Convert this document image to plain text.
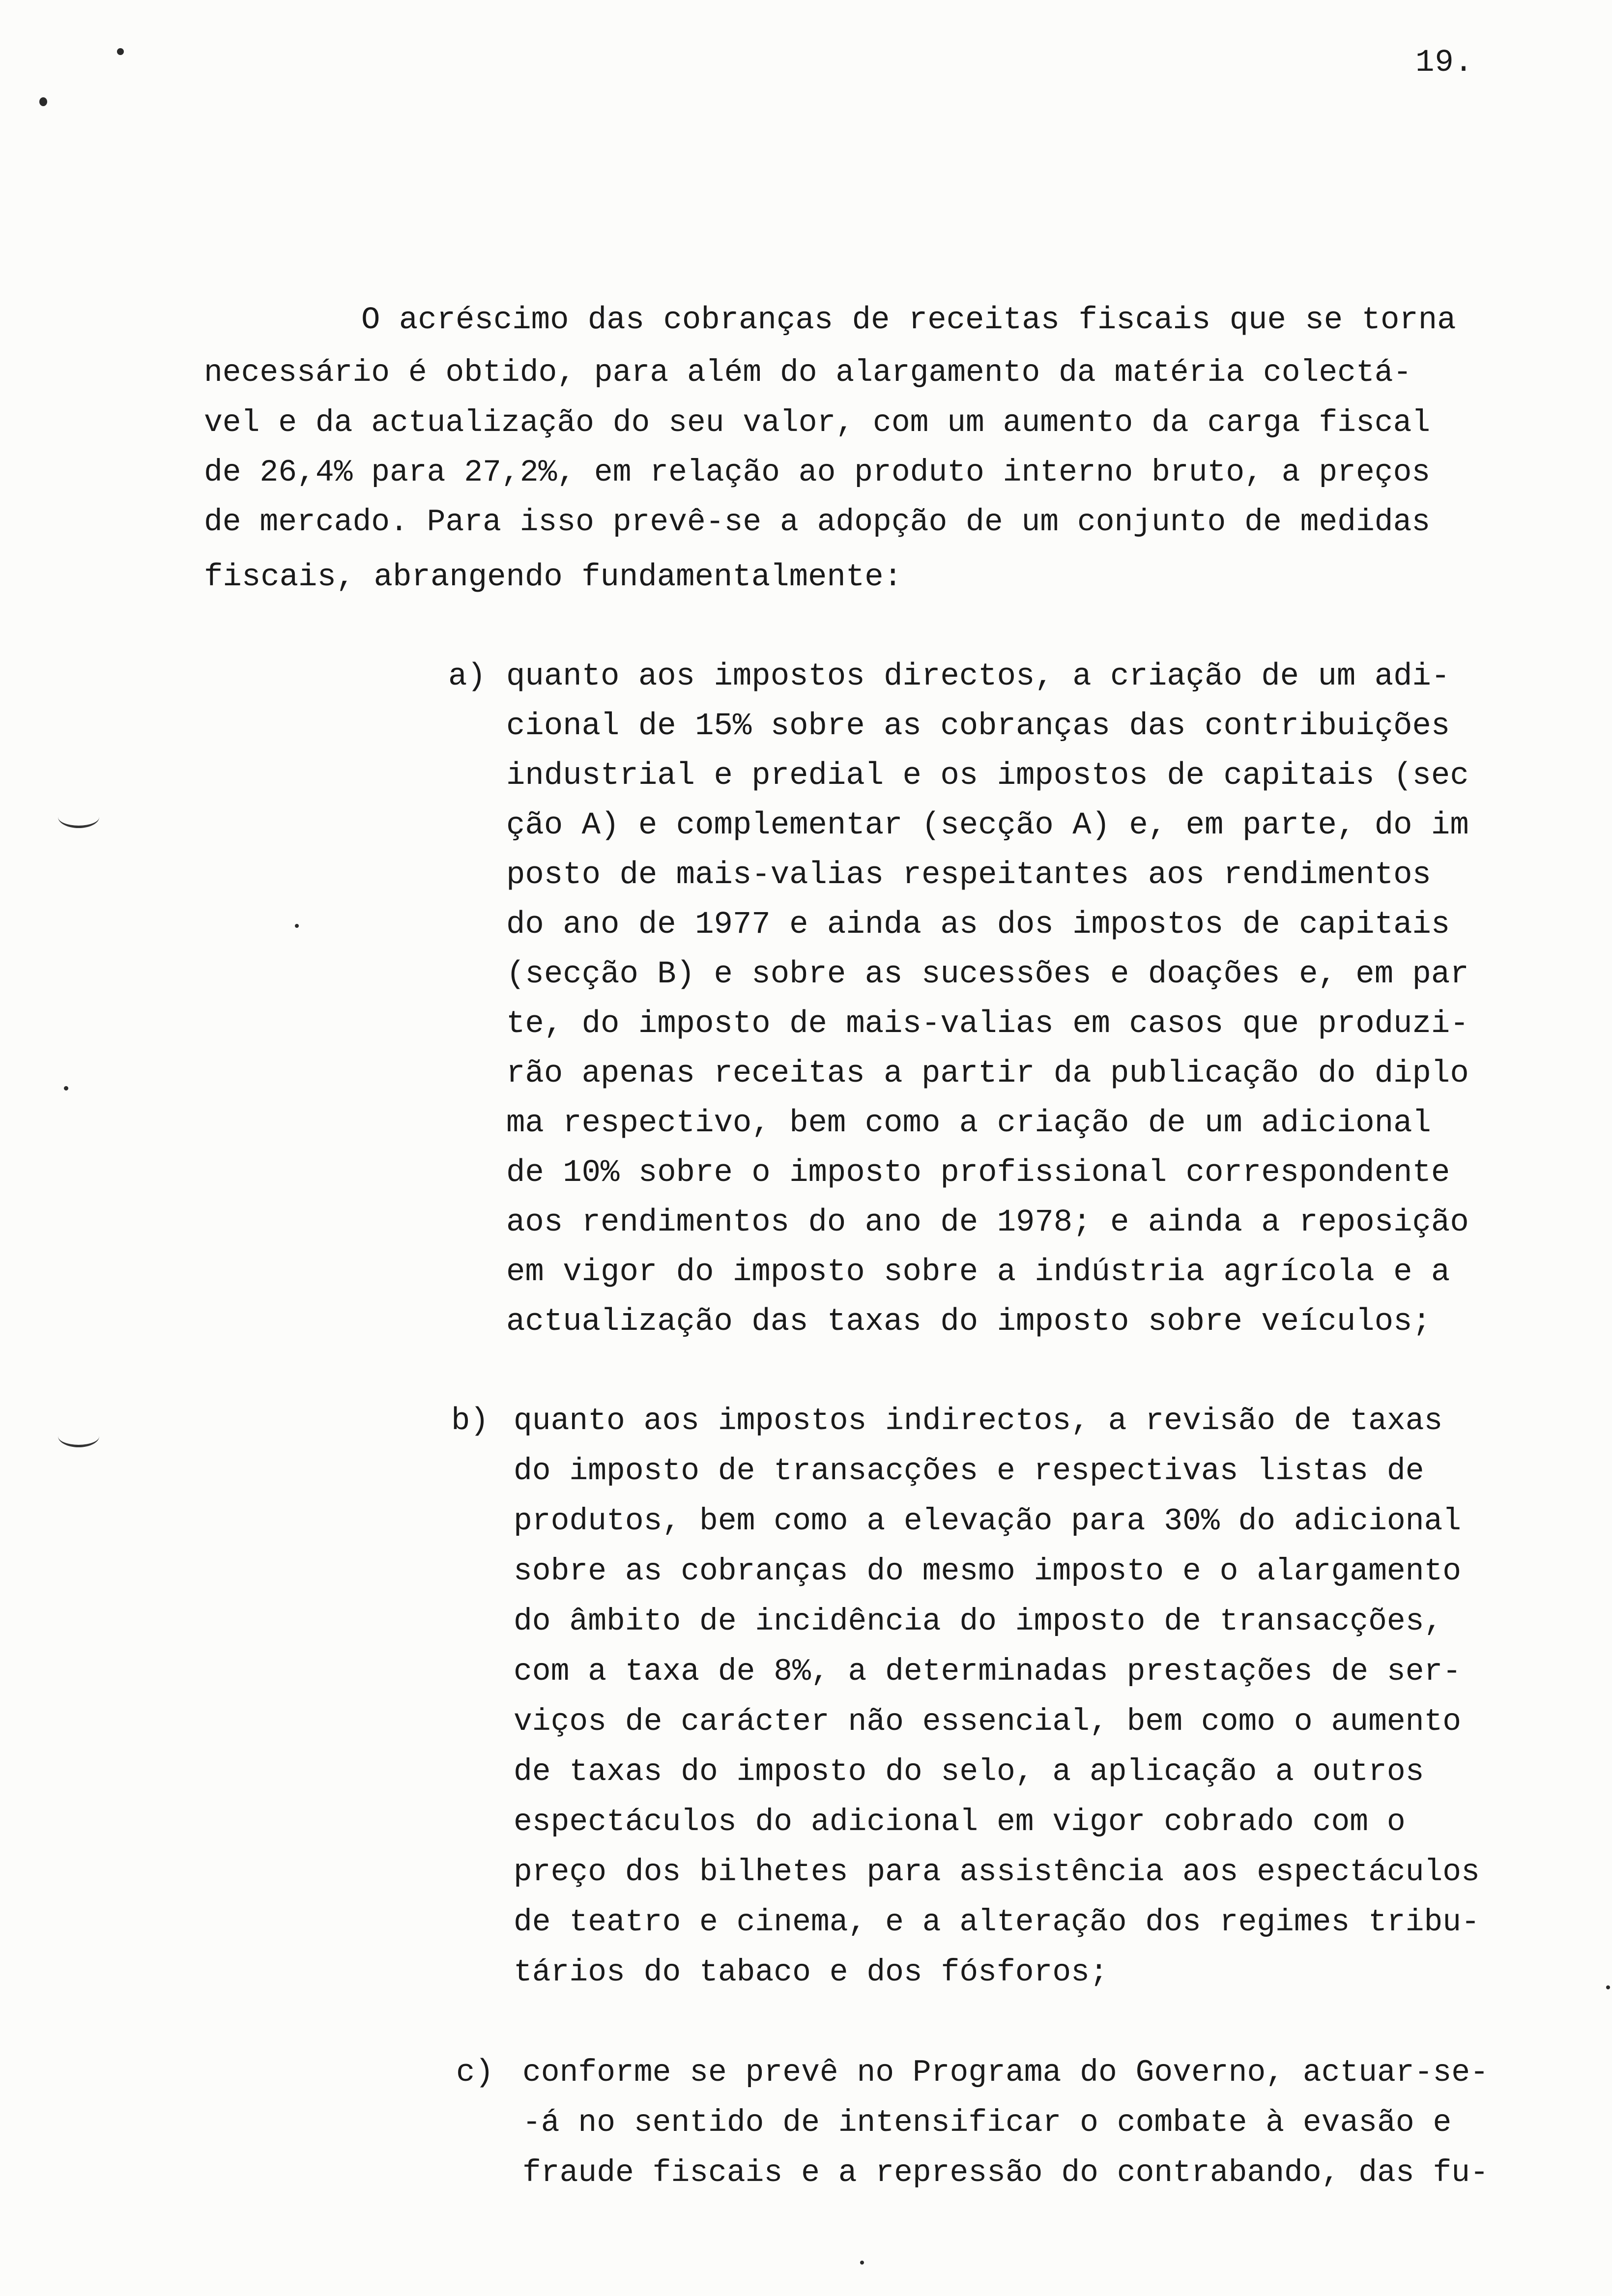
19.
O acréscimo das cobranças de receitas fiscais que se torna
necessário é obtido, para além do alargamento da matéria colectá-
vel e da actualização do seu valor, com um aumento da carga fiscal
de 26,4% para 27,2%, em relação ao produto interno bruto, a preços
de mercado. Para isso prevê-se a adopção de um conjunto de medidas
fiscais, abrangendo fundamentalmente:
a) quanto aos impostos directos, a criação de um adi-
cional de 15% sobre as cobranças das contribuições
industrial e predial e os impostos de capitais (sec
ção A) e complementar (secção A) e, em parte, do im
posto de mais-valias respeitantes aos rendimentos
do ano de 1977 e ainda as dos impostos de capitais
(secção B) e sobre as sucessões e doações e, em par
te, do imposto de mais-valias em casos que produzi-
rão apenas receitas a partir da publicação do diplo
ma respectivo, bem como a criação de um adicional
de 10% sobre o imposto profissional correspondente
aos rendimentos do ano de 1978; e ainda a reposição
em vigor do imposto sobre a indústria agrícola e a
actualização das taxas do imposto sobre veículos;
b) quanto aos impostos indirectos, a revisão de taxas
do imposto de transacções e respectivas listas de
produtos, bem como a elevação para 30% do adicional
sobre as cobranças do mesmo imposto e o alargamento
do âmbito de incidência do imposto de transacções,
com a taxa de 8%, a determinadas prestações de ser-
viços de carácter não essencial, bem como o aumento
de taxas do imposto do selo, a aplicação a outros
espectáculos do adicional em vigor cobrado com o
preço dos bilhetes para assistência aos espectáculos
de teatro e cinema, e a alteração dos regimes tribu-
tários do tabaco e dos fósforos;
c) conforme se prevê no Programa do Governo, actuar-se-
-á no sentido de intensificar o combate à evasão e
fraude fiscais e a repressão do contrabando, das fu-
